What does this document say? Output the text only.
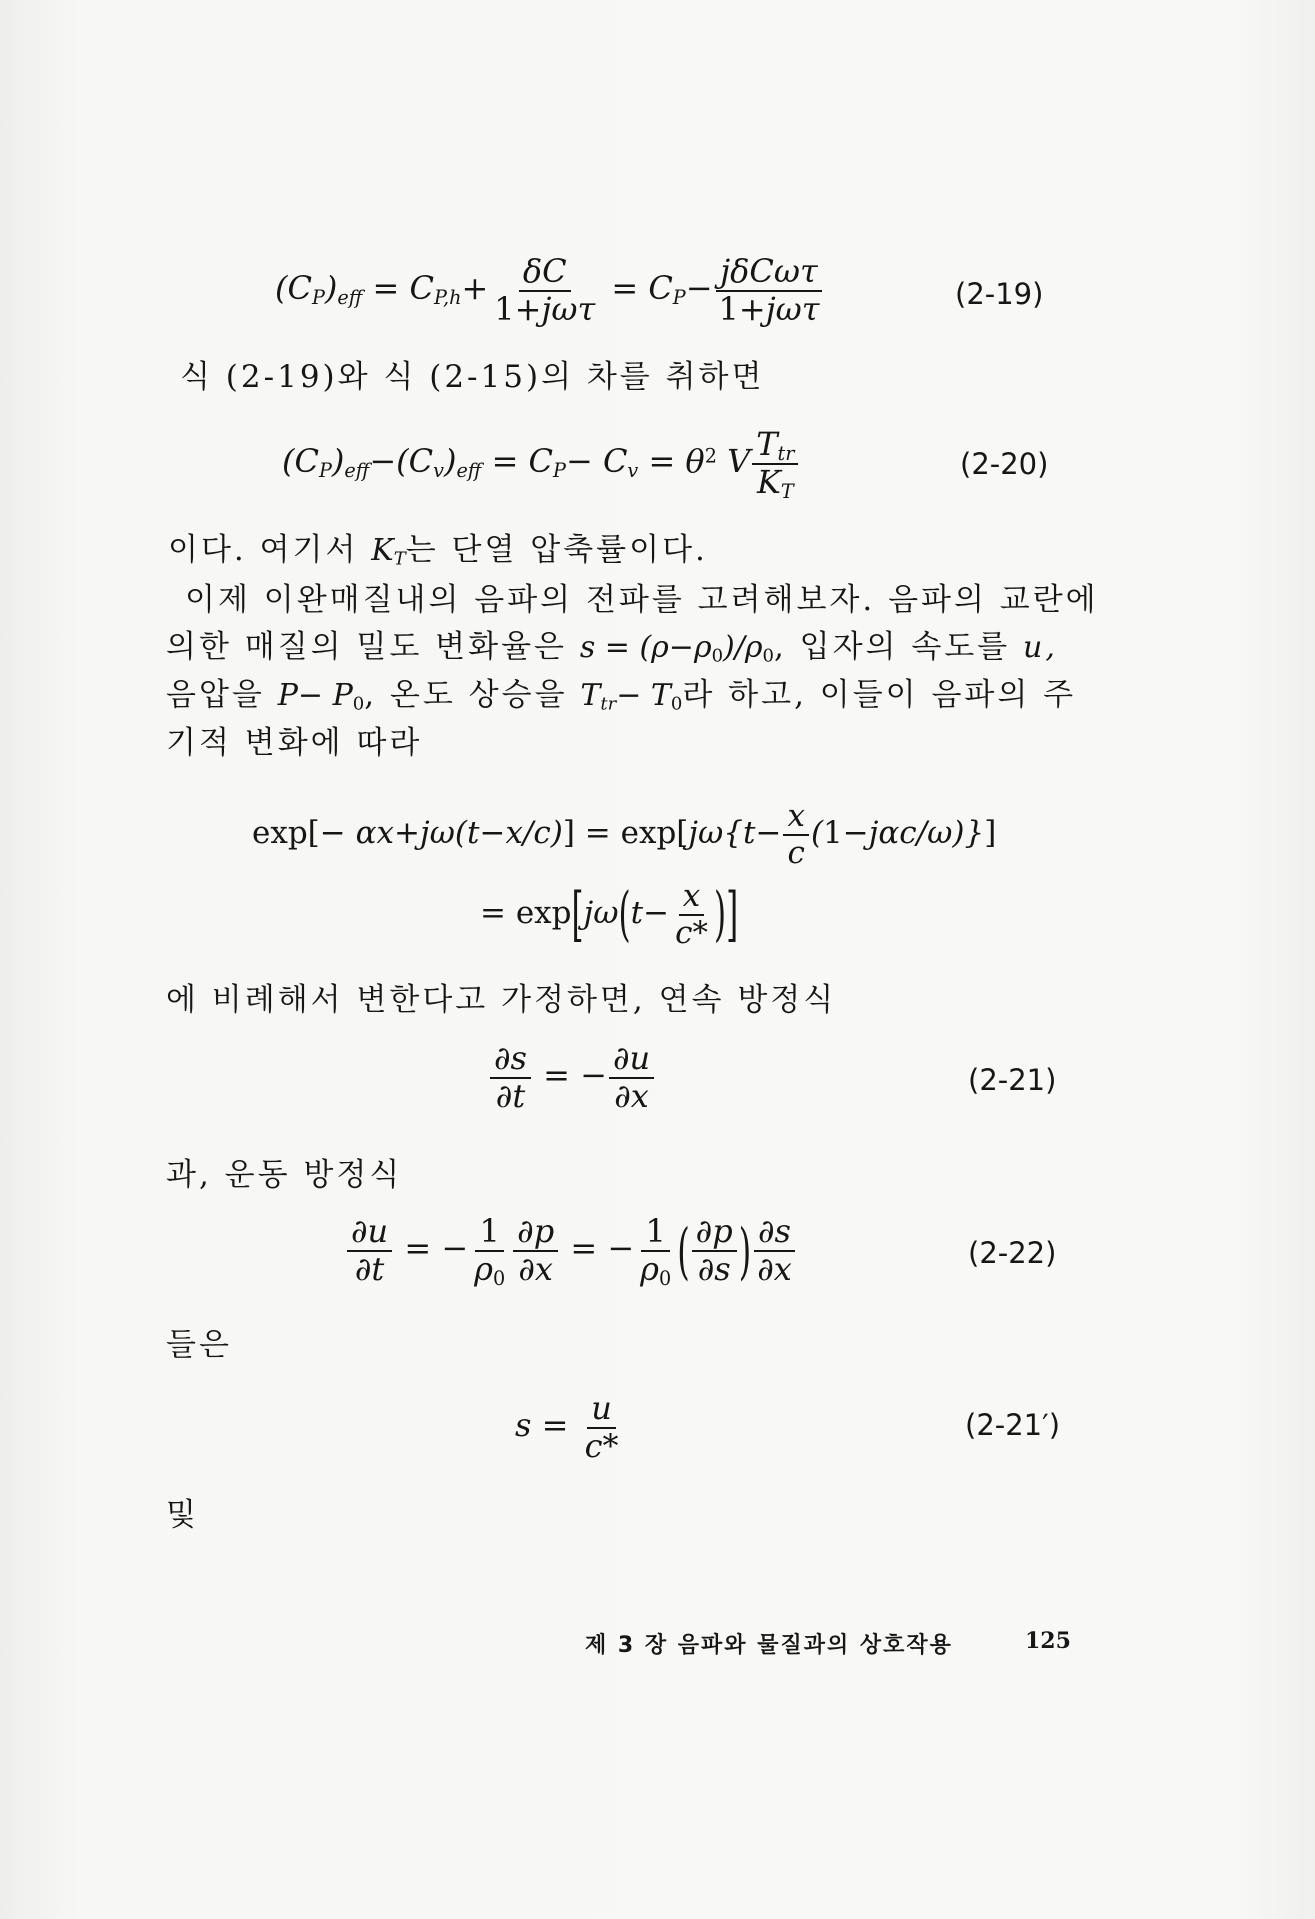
$(C_P)_{eff} = C_{P,h}+ \frac{\delta C}{\text{1+jωτ}} = C_P- \frac{\text{jδCωτ}}{\text{1+jωτ}}$	(2-19)
식 (2-19)와 식 (2-15)의 차를 취하면
$(C_P)_{eff}-(C_v)_{eff} = C_P- C_v = \theta^2$ V $\frac{T_{tr}}{K_T}$	(2-20)
이다. 여기서 $K_T$는 단열 압축률이다.
이제 이완매질내의 음파의 전파를 고려해보자. 음파의 교란에
의한 매질의 밀도 변화율은 $s = (\rho-\rho_0)/\rho_0$, 입자의 속도를 u,
음압을 $P- P_0$, 온도 상승을 $T_{tr}- T_0$라 하고, 이들이 음파의 주
기적 변화에 따라
$\exp[- \alpha x+j\omega(t-x/c)] = \exp[j\omega\{t- \frac{x}{c} (1-j\alpha c/\omega)\}]$
= $\exp[j\omega(t- \frac{x}{c*}$ )]
에 비례해서 변한다고 가정하면, 연속 방정식
$\frac{\partial s}{\partial t}$ = − $\frac{\partial u}{\partial x}$	(2-21)
과, 운동 방정식
$\frac{\partial u}{\partial t}$ = − $\frac{1}{\rho_0} \frac{\partial p}{\partial x}$ = − $\frac{1}{\rho_0}$ ( $\frac{\partial p}{\partial s}$ ) $\frac{\partial s}{\partial x}$	(2-22)
들은
$s = \frac{u}{c*}$	(2-21′)
및
제 3 장 음파와 물질과의 상호작용	125
